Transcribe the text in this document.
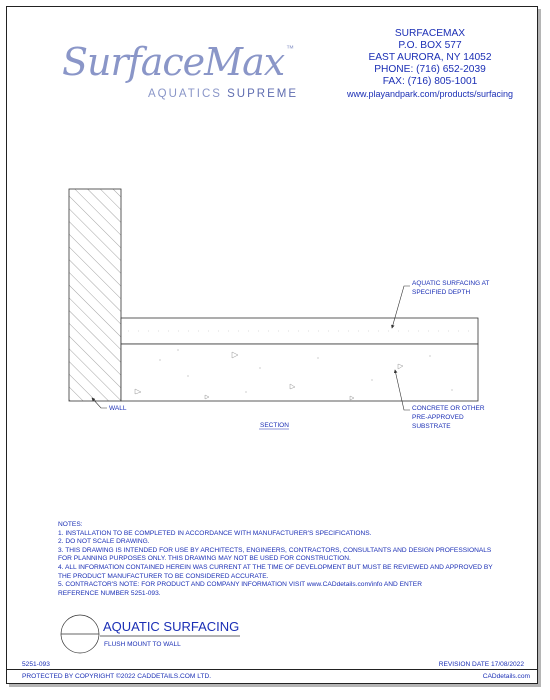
SurfaceMax ™
AQUATICS SUPREME
SURFACEMAX
P.O. BOX 577
EAST AURORA, NY 14052
PHONE: (716) 652-2039
FAX: (716) 805-1001
www.playandpark.com/products/surfacing
AQUATIC SURFACING AT
SPECIFIED DEPTH
CONCRETE OR OTHER
PRE-APPROVED
SUBSTRATE
WALL
SECTION
NOTES:
1. INSTALLATION TO BE COMPLETED IN ACCORDANCE WITH MANUFACTURER'S SPECIFICATIONS.
2. DO NOT SCALE DRAWING.
3. THIS DRAWING IS INTENDED FOR USE BY ARCHITECTS, ENGINEERS, CONTRACTORS, CONSULTANTS AND DESIGN PROFESSIONALS
FOR PLANNING PURPOSES ONLY. THIS DRAWING MAY NOT BE USED FOR CONSTRUCTION.
4. ALL INFORMATION CONTAINED HEREIN WAS CURRENT AT THE TIME OF DEVELOPMENT BUT MUST BE REVIEWED AND APPROVED BY
THE PRODUCT MANUFACTURER TO BE CONSIDERED ACCURATE.
5. CONTRACTOR'S NOTE: FOR PRODUCT AND COMPANY INFORMATION VISIT www.CADdetails.com/info AND ENTER
REFERENCE NUMBER 5251-093.
AQUATIC SURFACING
FLUSH MOUNT TO WALL
5251-093	REVISION DATE 17/08/2022
PROTECTED BY COPYRIGHT ©2022 CADDETAILS.COM LTD.	CADdetails.com
